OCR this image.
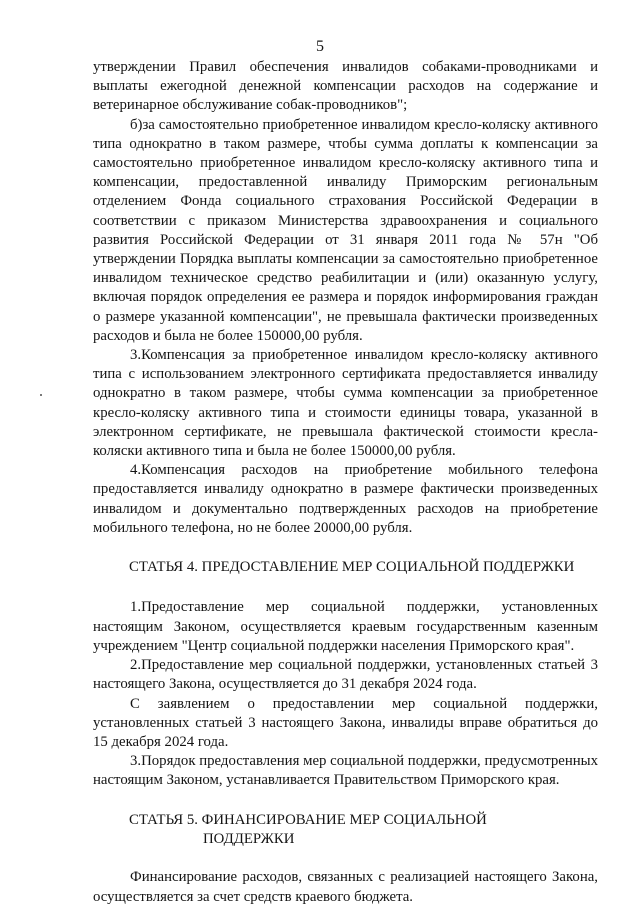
5

утверждении Правил обеспечения инвалидов собаками-проводниками и выплаты ежегодной денежной компенсации расходов на содержание и ветеринарное обслуживание собак-проводников";

б)за самостоятельно приобретенное инвалидом кресло-коляску активного типа однократно в таком размере, чтобы сумма доплаты к компенсации за самостоятельно приобретенное инвалидом кресло-коляску активного типа и компенсации, предоставленной инвалиду Приморским региональным отделением Фонда социального страхования Российской Федерации в соответствии с приказом Министерства здравоохранения и социального развития Российской Федерации от 31 января 2011 года № 57н "Об утверждении Порядка выплаты компенсации за самостоятельно приобретенное инвалидом техническое средство реабилитации и (или) оказанную услугу, включая порядок определения ее размера и порядок информирования граждан о размере указанной компенсации", не превышала фактически произведенных расходов и была не более 150000,00 рубля.

3.Компенсация за приобретенное инвалидом кресло-коляску активного типа с использованием электронного сертификата предоставляется инвалиду однократно в таком размере, чтобы сумма компенсации за приобретенное кресло-коляску активного типа и стоимости единицы товара, указанной в электронном сертификате, не превышала фактической стоимости кресла-коляски активного типа и была не более 150000,00 рубля.

4.Компенсация расходов на приобретение мобильного телефона предоставляется инвалиду однократно в размере фактически произведенных инвалидом и документально подтвержденных расходов на приобретение мобильного телефона, но не более 20000,00 рубля.

СТАТЬЯ 4. ПРЕДОСТАВЛЕНИЕ МЕР СОЦИАЛЬНОЙ ПОДДЕРЖКИ

1.Предоставление мер социальной поддержки, установленных настоящим Законом, осуществляется краевым государственным казенным учреждением "Центр социальной поддержки населения Приморского края".

2.Предоставление мер социальной поддержки, установленных статьей 3 настоящего Закона, осуществляется до 31 декабря 2024 года.

С заявлением о предоставлении мер социальной поддержки, установленных статьей 3 настоящего Закона, инвалиды вправе обратиться до 15 декабря 2024 года.

3.Порядок предоставления мер социальной поддержки, предусмотренных настоящим Законом, устанавливается Правительством Приморского края.

СТАТЬЯ 5. ФИНАНСИРОВАНИЕ МЕР СОЦИАЛЬНОЙ
ПОДДЕРЖКИ

Финансирование расходов, связанных с реализацией настоящего Закона, осуществляется за счет средств краевого бюджета.
